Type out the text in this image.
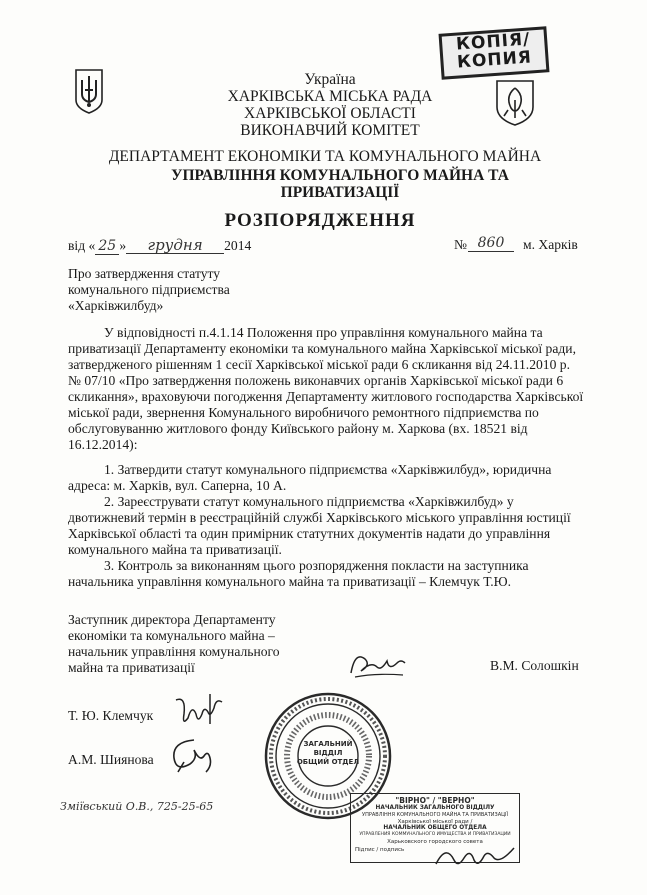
Україна
ХАРКІВСЬКА МІСЬКА РАДА
ХАРКІВСЬКОЇ ОБЛАСТІ
ВИКОНАВЧИЙ КОМІТЕТ
КОПІЯ/
КОПИЯ
ДЕПАРТАМЕНТ ЕКОНОМІКИ ТА КОМУНАЛЬНОГО МАЙНА
УПРАВЛІННЯ КОМУНАЛЬНОГО МАЙНА ТА
ПРИВАТИЗАЦІЇ
РОЗПОРЯДЖЕННЯ
від « 25 » грудня 2014	№ 860	м. Харків
Про затвердження статуту
комунального підприємства
«Харківжилбуд»
У відповідності п.4.1.14 Положення про управління комунального майна та
приватизації Департаменту економіки та комунального майна Харківської міської ради,
затвердженого рішенням 1 сесії Харківської міської ради 6 скликання від 24.11.2010 р.
№ 07/10 «Про затвердження положень виконавчих органів Харківської міської ради 6
скликання», враховуючи погодження Департаменту житлового господарства Харківської
міської ради, звернення Комунального виробничого ремонтного підприємства по
обслуговуванню житлового фонду Київського району м. Харкова (вх. 18521 від
16.12.2014):
1. Затвердити статут комунального підприємства «Харківжилбуд», юридична
адреса: м. Харків, вул. Саперна, 10 А.
2. Зареєструвати статут комунального підприємства «Харківжилбуд» у
двотижневий термін в реєстраційній службі Харківського міського управління юстиції
Харківської області та один примірник статутних документів надати до управління
комунального майна та приватизації.
3. Контроль за виконанням цього розпорядження покласти на заступника
начальника управління комунального майна та приватизації – Клемчук Т.Ю.
Заступник директора Департаменту
економіки та комунального майна –
начальник управління комунального
майна та приватизації	В.М. Солошкін
Т. Ю. Клемчук
А.М. Шиянова
ЗАГАЛЬНИЙ
ВІДДІЛ
ОБЩИЙ ОТДЕЛ
"ВІРНО" / "ВЕРНО"
НАЧАЛЬНИК ЗАГАЛЬНОГО ВІДДІЛУ
УПРАВЛІННЯ КОМУНАЛЬНОГО МАЙНА ТА ПРИВАТИЗАЦІЇ
Харківської міської ради /
НАЧАЛЬНИК ОБЩЕГО ОТДЕЛА
УПРАВЛЕНИЯ КОММУНАЛЬНОГО ИМУЩЕСТВА И ПРИВАТИЗАЦИИ
Харьковского городского совета
Підпис / подпись
Зміївський О.В., 725-25-65
